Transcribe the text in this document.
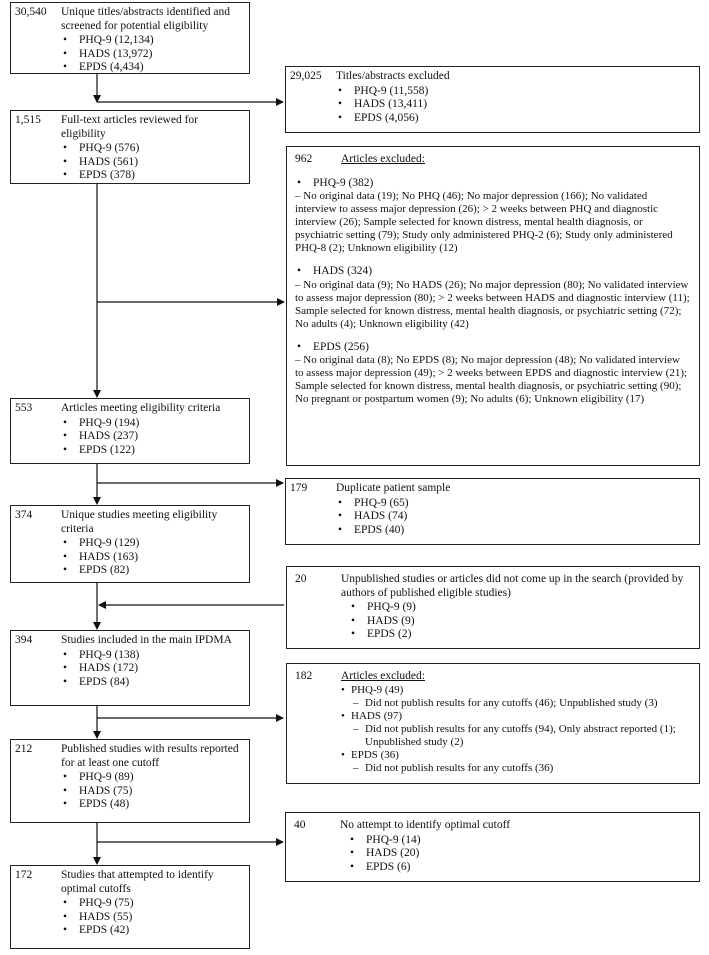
30,540	Unique titles/abstracts identified and screened for potential eligibility
• PHQ-9 (12,134)
• HADS (13,972)
• EPDS (4,434)
29,025	Titles/abstracts excluded
• PHQ-9 (11,558)
• HADS (13,411)
• EPDS (4,056)
1,515	Full-text articles reviewed for eligibility
• PHQ-9 (576)
• HADS (561)
• EPDS (378)
962	Articles excluded:
• PHQ-9 (382)
– No original data (19); No PHQ (46); No major depression (166); No validated interview to assess major depression (26); > 2 weeks between PHQ and diagnostic interview (26); Sample selected for known distress, mental health diagnosis, or psychiatric setting (79); Study only administered PHQ-2 (6); Study only administered PHQ-8 (2); Unknown eligibility (12)
• HADS (324)
– No original data (9); No HADS (26); No major depression (80); No validated interview to assess major depression (80); > 2 weeks between HADS and diagnostic interview (11); Sample selected for known distress, mental health diagnosis, or psychiatric setting (72); No adults (4); Unknown eligibility (42)
• EPDS (256)
– No original data (8); No EPDS (8); No major depression (48); No validated interview to assess major depression (49); > 2 weeks between EPDS and diagnostic interview (21); Sample selected for known distress, mental health diagnosis, or psychiatric setting (90); No pregnant or postpartum women (9); No adults (6); Unknown eligibility (17)
553	Articles meeting eligibility criteria
• PHQ-9 (194)
• HADS (237)
• EPDS (122)
179	Duplicate patient sample
• PHQ-9 (65)
• HADS (74)
• EPDS (40)
374	Unique studies meeting eligibility criteria
• PHQ-9 (129)
• HADS (163)
• EPDS (82)
20	Unpublished studies or articles did not come up in the search (provided by authors of published eligible studies)
• PHQ-9 (9)
• HADS (9)
• EPDS (2)
394	Studies included in the main IPDMA
• PHQ-9 (138)
• HADS (172)
• EPDS (84)	182	Articles excluded:
• PHQ-9 (49)
– Did not publish results for any cutoffs (46); Unpublished study (3)
• HADS (97)
– Did not publish results for any cutoffs (94), Only abstract reported (1); Unpublished study (2)
• EPDS (36)
– Did not publish results for any cutoffs (36)
212	Published studies with results reported for at least one cutoff
• PHQ-9 (89)
• HADS (75)
• EPDS (48)
40	No attempt to identify optimal cutoff
• PHQ-9 (14)
• HADS (20)
• EPDS (6)
172	Studies that attempted to identify optimal cutoffs
• PHQ-9 (75)
• HADS (55)
• EPDS (42)
